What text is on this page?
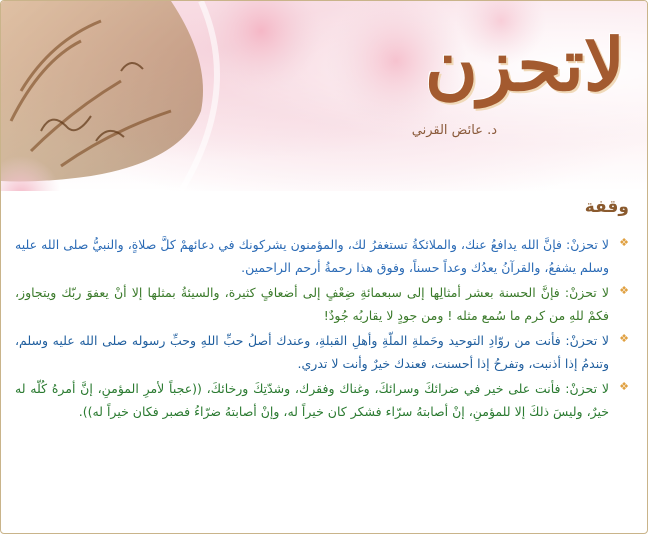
لاتحزن
د. عائض القرني
وقفة

❖
لا تحزنْ: فإنَّ الله يدافعُ عنك، والملائكةُ تستغفرُ لك، والمؤمنون يشركونك في دعائهمْ كلَّ صلاةٍ، والنبيُّ صلى الله عليه وسلم يشفعُ، والقرآنُ يعدُك وعداً حسناً، وفوق هذا رحمةُ أرحم الراحمين.

❖
لا تحزنْ: فإنَّ الحسنة بعشر أمثالِها إلى سبعمائةِ ضِعْفٍ إلى أضعافٍ كثيرة، والسيئةُ بمثلها إلا أنْ يعفوَ ربّك ويتجاوز، فكمْ للهِ من كرم ما سُمع مثله ! ومن جودٍ لا يقاربُه جُودٌ!

❖
لا تحزنْ: فأنت من روّادِ التوحيد وحَملةِ الملّةِ وأهلِ القبلةِ، وعندك أصلُ حبِّ اللهِ وحبِّ رسوله صلى الله عليه وسلم، وتندمُ إذا أذنبت، وتفرحُ إذا أحسنت، فعندك خيرٌ وأنت لا تدري.

❖
لا تحزنْ: فأنت على خير في ضرائكَ وسرائكَ، وغناك وفقرك، وشدّتِكَ ورخائكَ، ((عجباً لأمرِ المؤمنِ، إنَّ أمرهُ كُلّه له خيرٌ، وليسَ ذلكَ إلا للمؤمنِ، إنْ أصابتهُ سرّاء فشكر كان خيراً له، وإنْ أصابتهُ ضرّاءُ فصبر فكان خيراً له)).
